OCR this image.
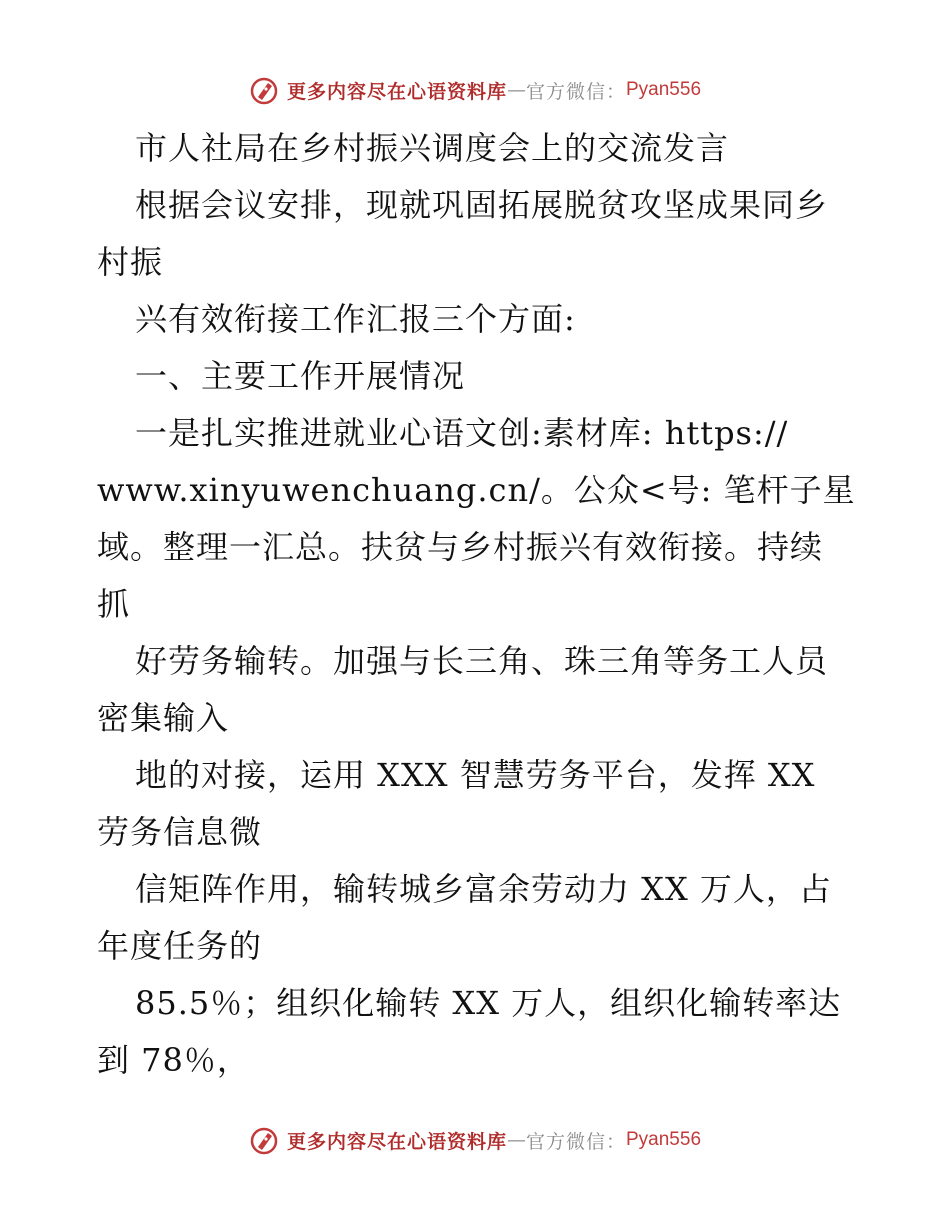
更多内容尽在心语资料库 — 官方微信： Pyan556
市人社局在乡村振兴调度会上的交流发言
根据会议安排，现就巩固拓展脱贫攻坚成果同乡
村振
兴有效衔接工作汇报三个方面:
一、主要工作开展情况
一是扎实推进就业心语文创:素材库: https://
www.xinyuwenchuang.cn/。公众<号: 笔杆子星
域。整理一汇总。扶贫与乡村振兴有效衔接。持续
抓
好劳务输转。加强与长三角、珠三角等务工人员
密集输入
地的对接，运用 XXX 智慧劳务平台，发挥 XX
劳务信息微
信矩阵作用，输转城乡富余劳动力 XX 万人，占
年度任务的
85.5％；组织化输转 XX 万人，组织化输转率达
到 78％，
更多内容尽在心语资料库 — 官方微信： Pyan556
